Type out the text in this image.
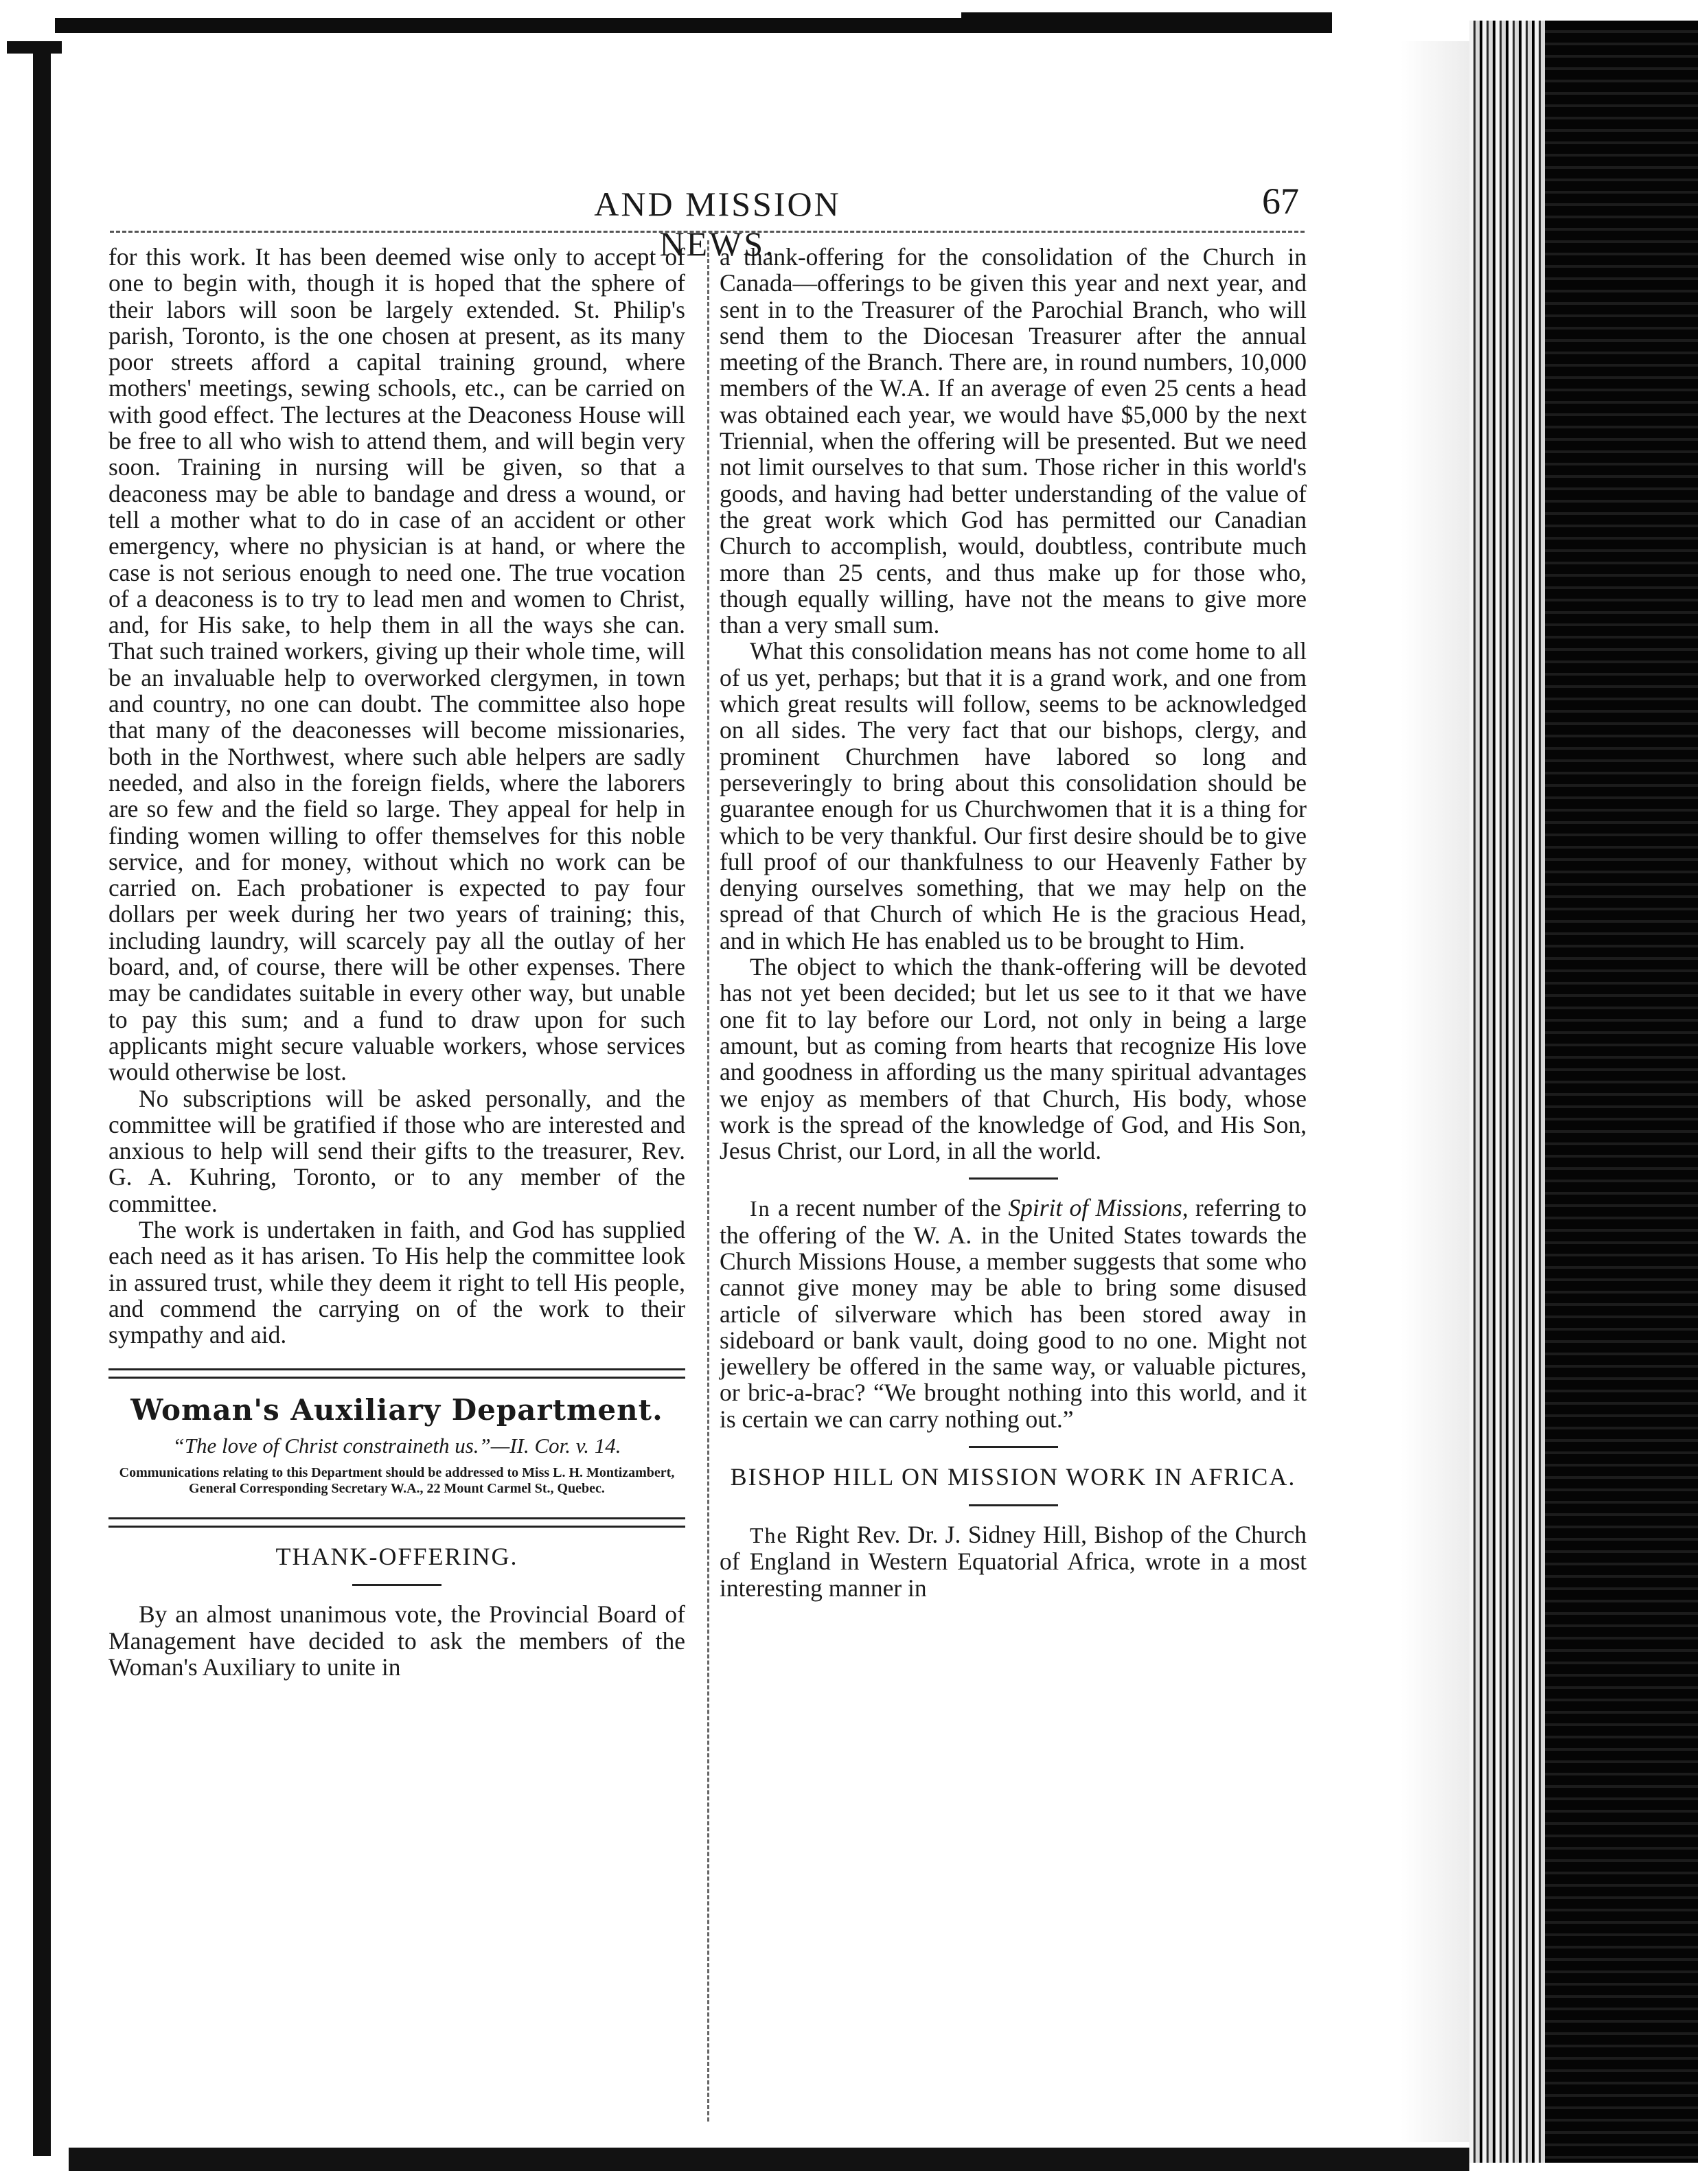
AND MISSION NEWS.
67

for this work. It has been deemed wise only to accept of one to begin with, though it is hoped that the sphere of their labors will soon be largely extended. St. Philip's parish, Toronto, is the one chosen at present, as its many poor streets afford a capital training ground, where mothers' meetings, sewing schools, etc., can be carried on with good effect. The lectures at the Deaconess House will be free to all who wish to attend them, and will begin very soon. Training in nursing will be given, so that a deaconess may be able to bandage and dress a wound, or tell a mother what to do in case of an accident or other emergency, where no physician is at hand, or where the case is not serious enough to need one. The true vocation of a deaconess is to try to lead men and women to Christ, and, for His sake, to help them in all the ways she can. That such trained workers, giving up their whole time, will be an invaluable help to overworked clergymen, in town and country, no one can doubt. The committee also hope that many of the deaconesses will become missionaries, both in the Northwest, where such able helpers are sadly needed, and also in the foreign fields, where the laborers are so few and the field so large. They appeal for help in finding women willing to offer themselves for this noble service, and for money, without which no work can be carried on. Each probationer is expected to pay four dollars per week during her two years of training; this, including laundry, will scarcely pay all the outlay of her board, and, of course, there will be other expenses. There may be candidates suitable in every other way, but unable to pay this sum; and a fund to draw upon for such applicants might secure valuable workers, whose services would otherwise be lost.

No subscriptions will be asked personally, and the committee will be gratified if those who are interested and anxious to help will send their gifts to the treasurer, Rev. G. A. Kuhring, Toronto, or to any member of the committee.

The work is undertaken in faith, and God has supplied each need as it has arisen. To His help the committee look in assured trust, while they deem it right to tell His people, and commend the carrying on of the work to their sympathy and aid.

Woman's Auxiliary Department.
“The love of Christ constraineth us.”—II. Cor. v. 14.
Communications relating to this Department should be addressed to Miss L. H. Montizambert, General Corresponding Secretary W.A., 22 Mount Carmel St., Quebec.
THANK-OFFERING.

By an almost unanimous vote, the Provincial Board of Management have decided to ask the members of the Woman's Auxiliary to unite in

a thank-offering for the consolidation of the Church in Canada—offerings to be given this year and next year, and sent in to the Treasurer of the Parochial Branch, who will send them to the Diocesan Treasurer after the annual meeting of the Branch. There are, in round numbers, 10,000 members of the W.A. If an average of even 25 cents a head was obtained each year, we would have $5,000 by the next Triennial, when the offering will be presented. But we need not limit ourselves to that sum. Those richer in this world's goods, and having had better understanding of the value of the great work which God has permitted our Canadian Church to accomplish, would, doubtless, contribute much more than 25 cents, and thus make up for those who, though equally willing, have not the means to give more than a very small sum.

What this consolidation means has not come home to all of us yet, perhaps; but that it is a grand work, and one from which great results will follow, seems to be acknowledged on all sides. The very fact that our bishops, clergy, and prominent Churchmen have labored so long and perseveringly to bring about this consolidation should be guarantee enough for us Churchwomen that it is a thing for which to be very thankful. Our first desire should be to give full proof of our thankfulness to our Heavenly Father by denying ourselves something, that we may help on the spread of that Church of which He is the gracious Head, and in which He has enabled us to be brought to Him.

The object to which the thank-offering will be devoted has not yet been decided; but let us see to it that we have one fit to lay before our Lord, not only in being a large amount, but as coming from hearts that recognize His love and goodness in affording us the many spiritual advantages we enjoy as members of that Church, His body, whose work is the spread of the knowledge of God, and His Son, Jesus Christ, our Lord, in all the world.

In a recent number of the Spirit of Missions, referring to the offering of the W. A. in the United States towards the Church Missions House, a member suggests that some who cannot give money may be able to bring some disused article of silverware which has been stored away in sideboard or bank vault, doing good to no one. Might not jewellery be offered in the same way, or valuable pictures, or bric-a-brac? “We brought nothing into this world, and it is certain we can carry nothing out.”

BISHOP HILL ON MISSION WORK IN AFRICA.

The Right Rev. Dr. J. Sidney Hill, Bishop of the Church of England in Western Equatorial Africa, wrote in a most interesting manner in
